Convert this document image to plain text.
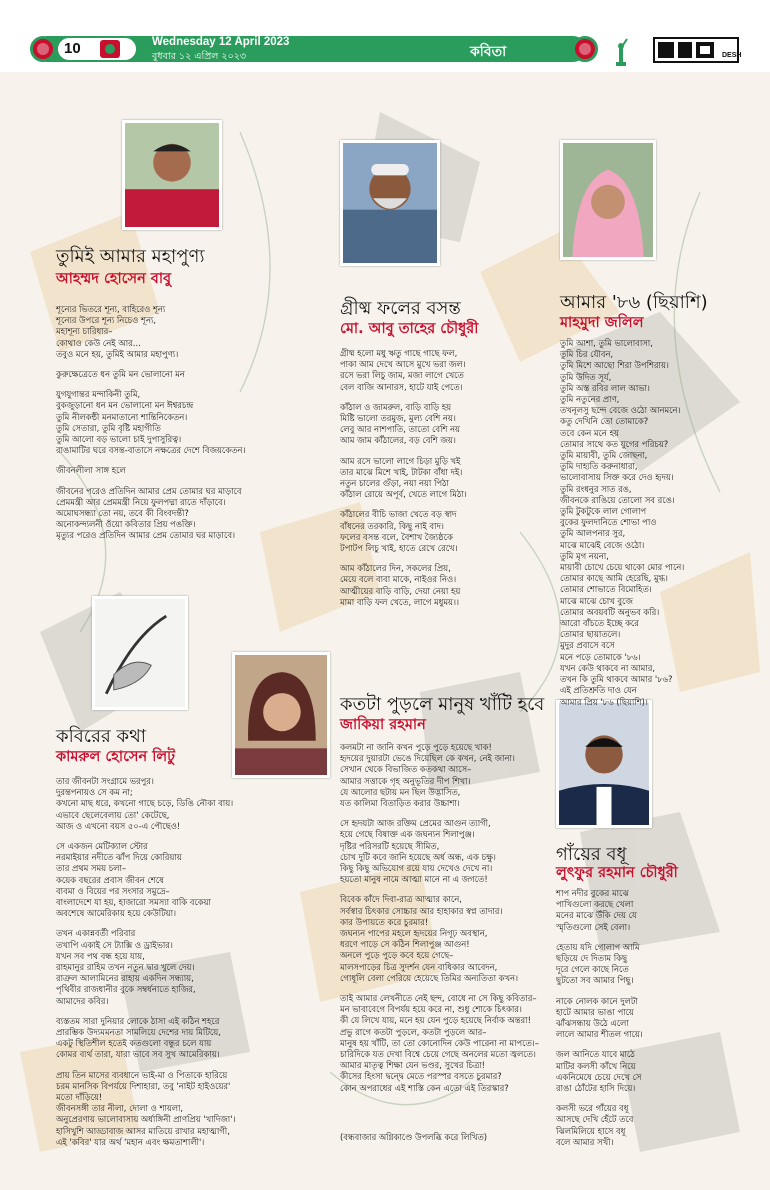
10	Wednesday 12 April 2023
বুধবার ১২ এপ্রিল ২০২৩	কবিতা	DESH
তুমিই আমার মহাপুণ্য
আহম্মদ হোসেন বাবু
গ্রীষ্ম ফলের বসন্ত
মো. আবু তাহের চৌধুরী
আমার '৮৬ (ছিয়াশি)
মাহমুদা জলিল
কবিরের কথা
কামরুল হোসেন লিটু
কতটা পুড়লে মানুষ খাঁটি হবে
জাকিয়া রহমান
গাঁয়ের বধূ
লুৎফুর রহমান চৌধুরী
শূন্যের ভিতরে শূন্য, বাহিরেও শূন্য
শূন্যের উপরে শূন্য নিচেও শূন্য,
মহাশূন্য চারিধার–
কোথাও কেউ নেই আর…
তবুও মনে হয়, তুমিই আমার মহাপুণ্য।
কুরুক্ষেত্রেতে ধন তুমি মন ভোলানো মন
যুগযুগান্তর মন্দাকিনী তুমি,
বুকজুড়ানো ধন মন ভোলানো মন ঈশ্বরচন্দ্র
তুমি নীলকন্ঠী মনমাতানো শান্তিনিকেতন।
তুমি সেতারা, তুমি বৃষ্টি মহাগীতি
তুমি আলো বড় ভালো চাই দুপাসুরিত্ব।
রাঙামাটির ঘরে বসন্ত-বাতাসে নক্ষত্রের দেশে বিজয়কেতন।
জীবনলীলা সাঙ্গ হলে
জীবনের পরেও প্রতিদিন আমার প্রেম তোমার ঘর মাড়াবে
প্রেমমন্ত্রী আর প্রেমমন্ত্রী নিয়ে ফুলপদ্মা রাতে দাঁড়াবে।
অমোঘসন্ধ্যা তো নয়, তবে কী বিংবদন্তী?
অনোকন্দ্যলনী ওঁয়ো কবিতার প্রিয় পঙক্তি।
মৃত্যুর পরেও প্রতিদিন আমার প্রেম তোমার ঘর মাড়াবে।
গ্রীষ্ম হলো মধু ঋতু গাছে গাছে ফল,
পাকা আম দেখে আসে মুখে ভরা জল।
রসে ভরা লিচু জাম, মজা লাগে খেতে
বেল বাজি আনারস, হাটে যাই পেতে।
কাঁঠাল ও জামরুল, বাড়ি বাড়ি হয়
মিষ্টি ভালো তরমুজ, মুল্য বেশি নয়।
লেবু আর নাশপাতি, তাতো বেশি নয়
আম জাম কাঁঠালের, বড় বেশি জয়।
আম রসে ভালো লাগে চিড়া মুড়ি খই
তার মাঝে মিশে খাই, টাটকা বাঁধা দই।
নতুন চালের গুঁড়া, নয়া নয়া পিঠা
কাঁঠাল রোয়ে অপূর্ব, খেতে লাগে মিঠা।
কাঁঠালের বীচি ভাজা খেতে বড় স্বাদ
বাঁধনের তরকারি, কিছু নাই বাদ।
ফলের বসন্ত বলে, বৈশাখ জ্যৈষ্ঠকে
টপাটপ লিচু খাই, হাতে রেখে রেখে।
আম কাঁঠালের দিন, সকলের প্রিয়,
মেয়ে বলে বাবা মাকে, নাইওর নিও।
আত্মীয়ের বাড়ি বাড়ি, দেয়া নেয়া হয়
মামা বাড়ি ফল খেতে, লাগে মধুময়।।
তুমি আশা, তুমি ভালোবাসা,
তুমি চির যৌবন,
তুমি মিশে আছো শিরা উপশিরায়।
তুমি উদিত সূর্য,
তুমি অস্ত রবির লাল আভা।
তুমি নতুনের প্রাণ,
তখনূলসু ছন্দে বেজে ওঠো আনমনে।
কতু দেখিনি তো তোমাকে?
তবে কেন মনে হয়
তোমার সাথে কত যুগের পরিচয়?
তুমি মায়াবী, তুমি জোছনা,
তুমি দাহ্যতি করুনাধারা,
ভালোবাসায় সিক্ত করে দেও হৃদয়।
তুমি রংধনুর সাত রঙ,
জীবনকে রাঙিয়ে তোলো সব রঙে।
তুমি টুকটুকে লাল গোলাপ
বুকের ফুলদানিতে শোভা পাও
তুমি আলপনার সুর,
মাঝে মাঝেই বেজে ওঠো।
তুমি মৃগ নয়না,
মায়াবী চোখে চেয়ে থাকো মোর পানে।
তোমার কাছে আমি হেরেছি, মুগ্ধ।
তোমার শোভাতে বিমোহিত।
মাঝে মাঝে চোখ বুজে
তোমার অবয়বটি অনুভব করি।
আরো বাঁচতে ইচ্ছে করে
তোমার ছায়াতলে।
মুদুর প্রবাসে বসে
মনে পড়ে তোমাকে '৮৬।
যখন কেউ থাকবে না আমার,
তখন কি তুমি থাকবে আমার '৮৬?
এই প্রতিশ্রুতি দাও যেন
আমার প্রিয় '৮৬ (ছিয়াশি)।
তার জীবনটা সংগ্রামে ভরপুর।
দুরন্তপনায়ও সে কম না;
কখনো মাছ ধরে, কখনো গাছে চড়ে, ডিঙি নৌকা বায়।
এভাবে ছেলেবেলায় তো' কেটেছে,
আজ ও এখনো বয়স ৫০-এ পৌছেও!
সে একজন মেটিক্যাল স্টোর
নরমাইয়ার নদীতে ঝাঁপ দিয়ে কোরিয়ায়
তার প্রথম সময় চলা–
কয়েক বছরের প্রবাস জীবন শেষে
বাবমা ও বিয়ের পর সংসার সমুদ্রে–
বাংলাদেশে যা হয়, হাজারো সমস্যা বাকি বকেয়া
অবশেষে আমেরিকায় হয়ে কেউটিয়া।
তখন একান্নবর্তী পরিবার
তখাপি একাই সে ট্যাক্সি ও ড্রাইভার।
যখন সব পথ বন্ধ হয়ে যায়,
রাহমানুর রাহিম তখন নতুন দ্বার খুলে দেয়।
রাত্রুল আলামিনের রাহায় একদিন সন্ধ্যায়,
পৃথিবীর রাজধানীর বুকে সম্বর্ধনাতে হাজির,
আমাদের কবির।
ব্যস্ততম সারা দুনিয়ার লোকে ঠাসা এই কঠিন শহরে
প্রারম্ভিক উদ্যমমনতা সামলিয়ে দেশের দায় মিটিয়ে,
একটু স্থিতিশীল হতেই কতগুলো বন্ধুর চলে যায়
কোমর ব্যর্থ তারা, যারা ভাবে সব সুখ আমেরিকায়।
প্রায় তিন মাসের ব্যবধানে ভাই-মা ও পিতাকে হারিয়ে
চরম মানসিক বিপর্যয়ে দিশাহারা, তবু 'নাইট হাইওয়ের'
মতো দাঁড়িয়ে!
জীবনসঙ্গী তার নীলা, দোলা ও শায়লা,
অনুপ্রেরণায় ভালোবাসায় অর্ধাঙ্গিনী প্রাণপ্রিয় 'খাদিজা'।
হাসিখুশি আড্ডাবাজ আসর মাতিয়ে রাখার মহাত্মাগী,
এই 'কবির' যার অর্থ 'মহান এবং ক্ষমতাশালী'।
কলমটা না জানি কখন পুড়ে পুড়ে হয়েছে খাক!
হৃদয়ের দুয়ারটা ভেঙে দিয়েছিল কে কখন, নেই জানা।
সেখান থেকে বিভাজিত কতকথা আসে–
আমার সত্তাকে গৃহ অনুভূতির দীপ শিখা।
যে আলোর ছটায় মন ছিল উদ্ভাসিত,
যত কালিমা বিতাড়িত করার উচ্চাশা।
সে হৃদয়টা আজ রক্তিম প্রেমের আগুন ত্যাগী,
হয়ে গেছে বিষাক্ত এক জঘন্যন শিলাপুঞ্জ।
দৃষ্টির পরিসরটি হয়েছে সীমিত,
চোখ দুটি কবে জানি হয়েছে অর্ধ অন্ধ, এক চক্ষু।
কিছু কিছু অভিযোগ রয়ে যায় দেখেও দেখে না।
হয়তো মানুষ নামে আত্মা মানে না এ জগতে!
বিবেক কাঁদে দিবা-রাত্র আত্মার কানে,
সর্বস্বার চিৎকার সোচ্চার আর হাহাকার স্বপ্ন তাদার।
কার উপায়তে করে চুরমার!
জঘন্যন পাপের মহলে হৃদয়ের নিগূঢ় অবস্থান,
ধরণে পাড়ে সে কঠিন শিলাপুঞ্জ আগুন!
অনলে পুড়ে পুড়ে কবে হয়ে গেছে–
মালসপাড়ের চিত্র সুদর্শন যেন বাধিকার আবেদন,
গোধূলি বেলা পেরিয়ে হেয়েছে তিমির অন্যতিতা কখন।
তাই আমার লেখনীতে নেই ছন্দ, বোধে না সে কিছু কবিতার–
মন ভাবাবেগে বিপর্যয় হয়ে করে না, শুধু শোকে চিৎকার।
কী যে লিখে যায়, মনে হয় যেন পুড়ে হয়েছে নির্বাক অন্তরা!
প্রভু রাগে কতটা পুড়লে, কতটা পুড়লে আর–
মানুষ হয় খাঁটি, তা তো কোনোদিন কেউ পারেনা না মাপতে।–
চারিদিকে যত দেখা বিশ্বে চেয়ে গেছে অনলের মতো জ্বলতে।
আমার মাতৃত্ব শিক্ষা যেন ভণ্ডর, সুখের চিত্রা!
কীসের হিংসা দ্বন্দ্বে মেতে পরস্পর বসতে চুরমার?
কোন অপরাধের এই শাস্তি কেন এতো এই তিরস্কার?
শাপ নদীর বুকের মাঝে
পাখিগুলো করছে খেলা
মনের মাঝে উঁকি দেয় যে
স্মৃতিগুলো সেই বেলা।
হেতায় যদি গোলাপ আমি
ছড়িয়ে দে দিতাম কিছু
দূরে গেলে কাছে নিতে
ছুটতো সব আমার পিছু।
নাকে নোলক কানে দুলটা
হাটে আমার ভাঙা পায়ে
ঝাঁঝসন্ধায় উঠে এলো
লালে আমার শীতল গায়ে।
জল আনিতে যাবে মাঠে
মাটির কলসী কাঁখে নিয়ে
একনিমেষে চেয়ে দেখে সে
রাঙা ঠোঁটের হাসি দিয়ে।
কলসী ভরে গাঁয়ের বধূ
আসছে দেখি হেঁটে তবে
ঝিলমিলিয়ে হাসে বধূ
বলে আমার সখী।
(বন্ধবাজার অগ্নিকাণ্ডে উপলব্ধি করে লিখিত)
